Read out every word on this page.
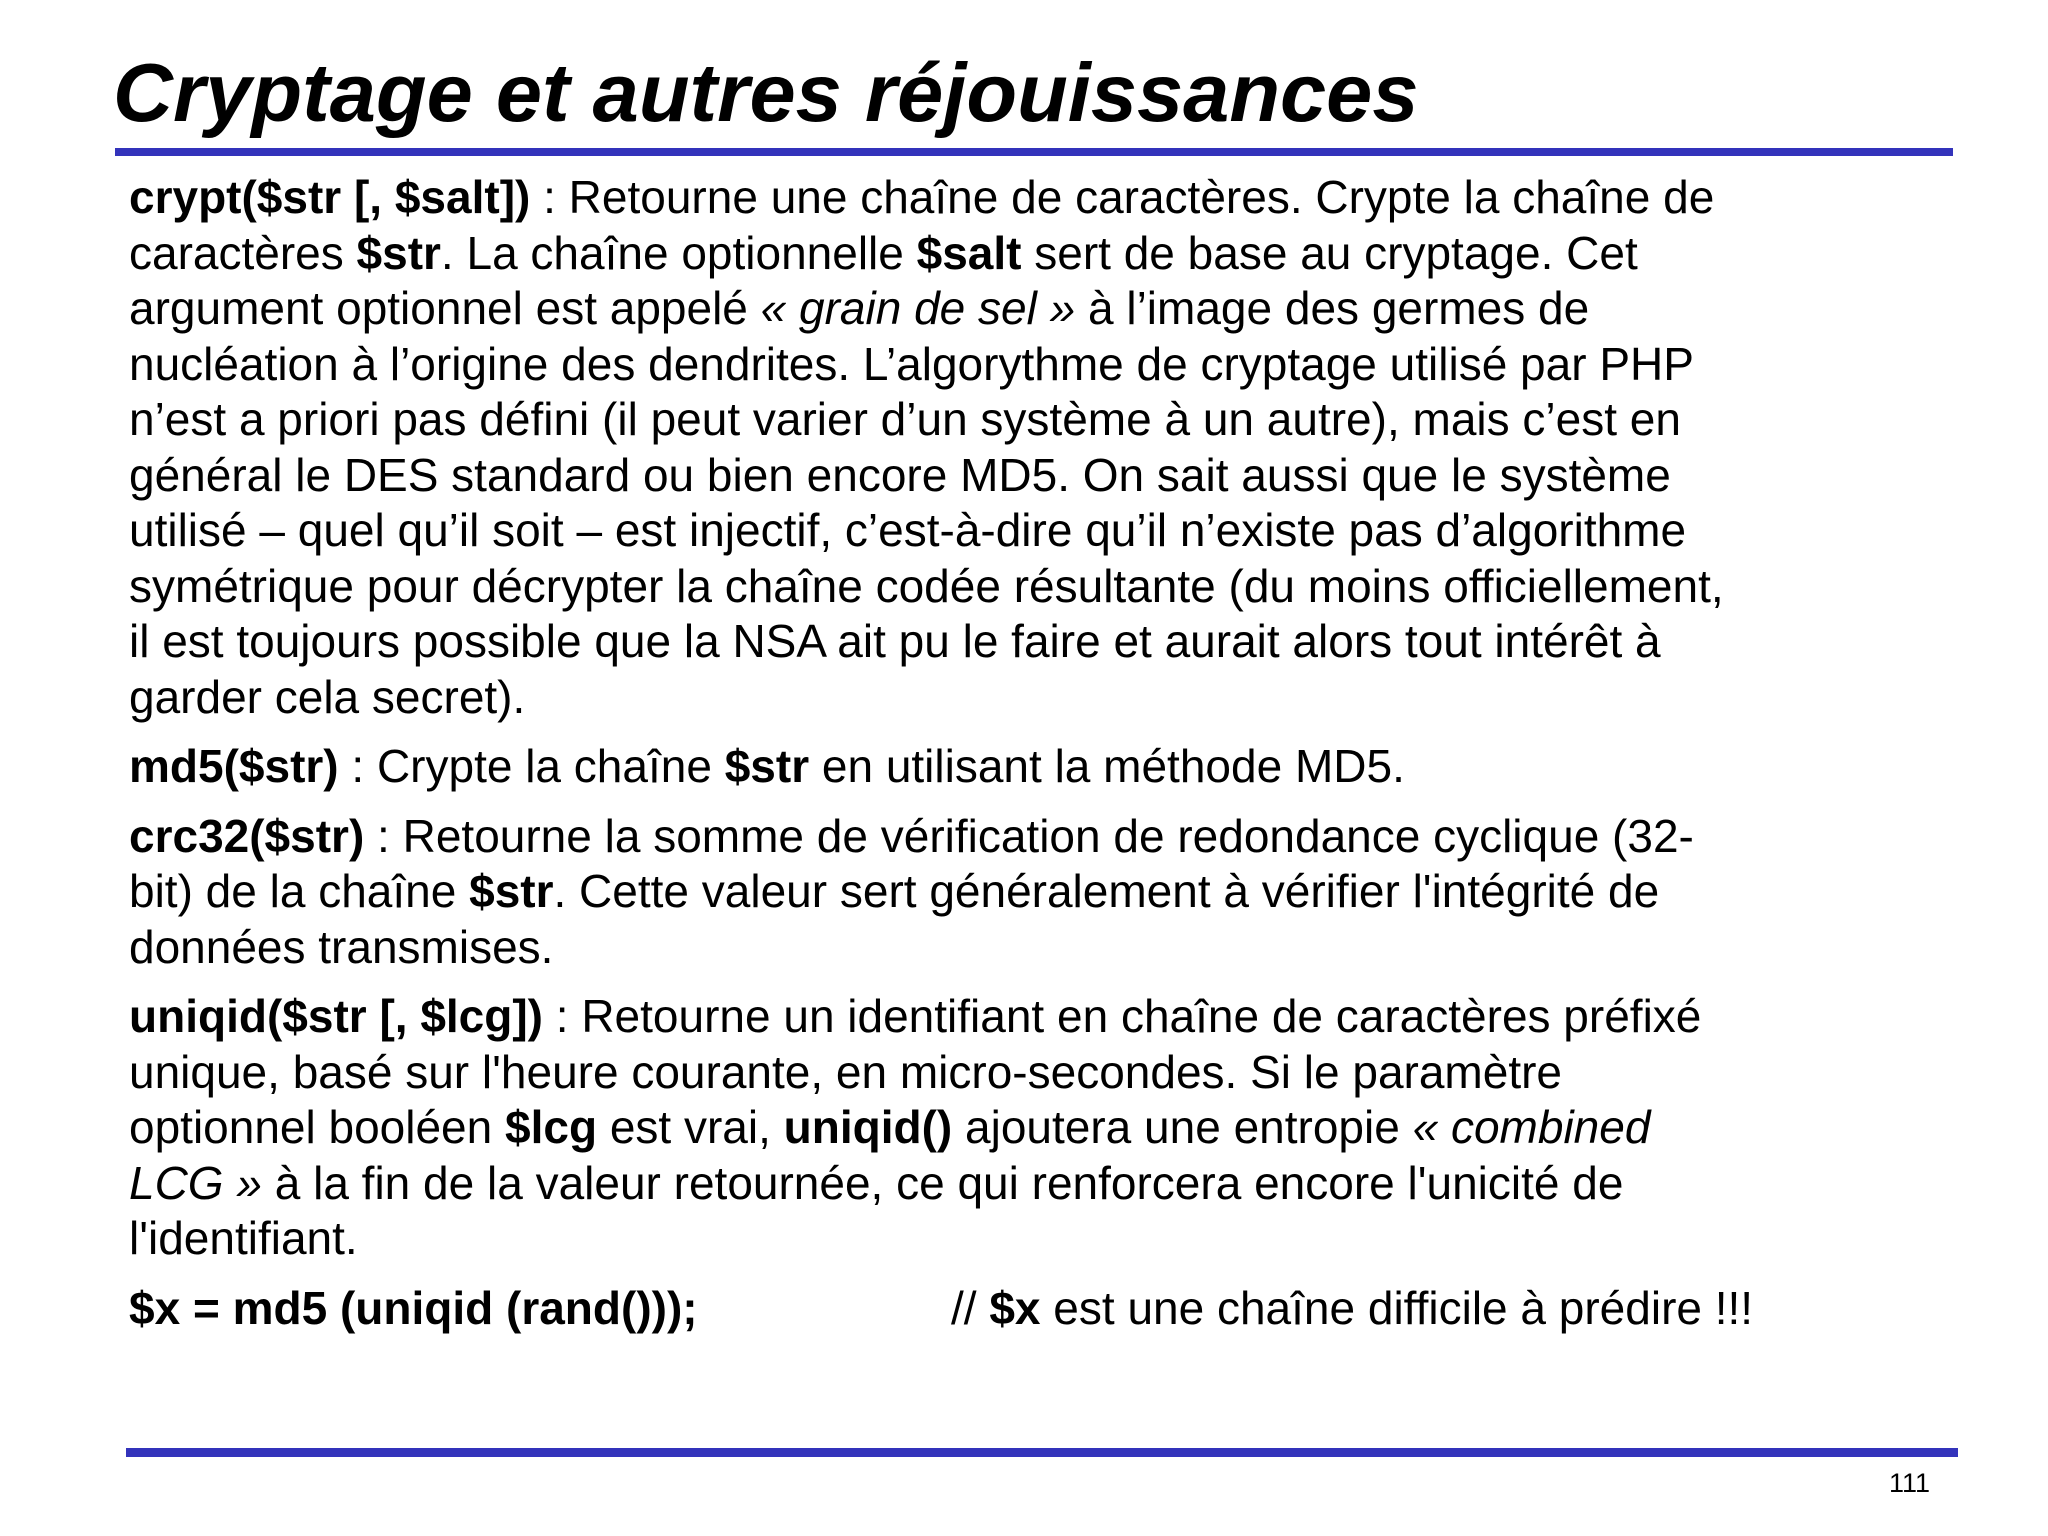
Cryptage et autres réjouissances

crypt($str [, $salt]) : Retourne une chaîne de caractères. Crypte la chaîne de
caractères $str. La chaîne optionnelle $salt sert de base au cryptage. Cet
argument optionnel est appelé « grain de sel » à l’image des germes de
nucléation à l’origine des dendrites. L’algorythme de cryptage utilisé par PHP
n’est a priori pas défini (il peut varier d’un système à un autre), mais c’est en
général le DES standard ou bien encore MD5. On sait aussi que le système
utilisé – quel qu’il soit – est injectif, c’est-à-dire qu’il n’existe pas d’algorithme
symétrique pour décrypter la chaîne codée résultante (du moins officiellement,
il est toujours possible que la NSA ait pu le faire et aurait alors tout intérêt à
garder cela secret).

md5($str) : Crypte la chaîne $str en utilisant la méthode MD5.

crc32($str) : Retourne la somme de vérification de redondance cyclique (32-
bit) de la chaîne $str. Cette valeur sert généralement à vérifier l'intégrité de
données transmises.

uniqid($str [, $lcg]) : Retourne un identifiant en chaîne de caractères préfixé
unique, basé sur l'heure courante, en micro-secondes. Si le paramètre
optionnel booléen $lcg est vrai, uniqid() ajoutera une entropie « combined
LCG » à la fin de la valeur retournée, ce qui renforcera encore l'unicité de
l'identifiant.

$x = md5 (uniqid (rand()));	// $x est une chaîne difficile à prédire !!!

111
